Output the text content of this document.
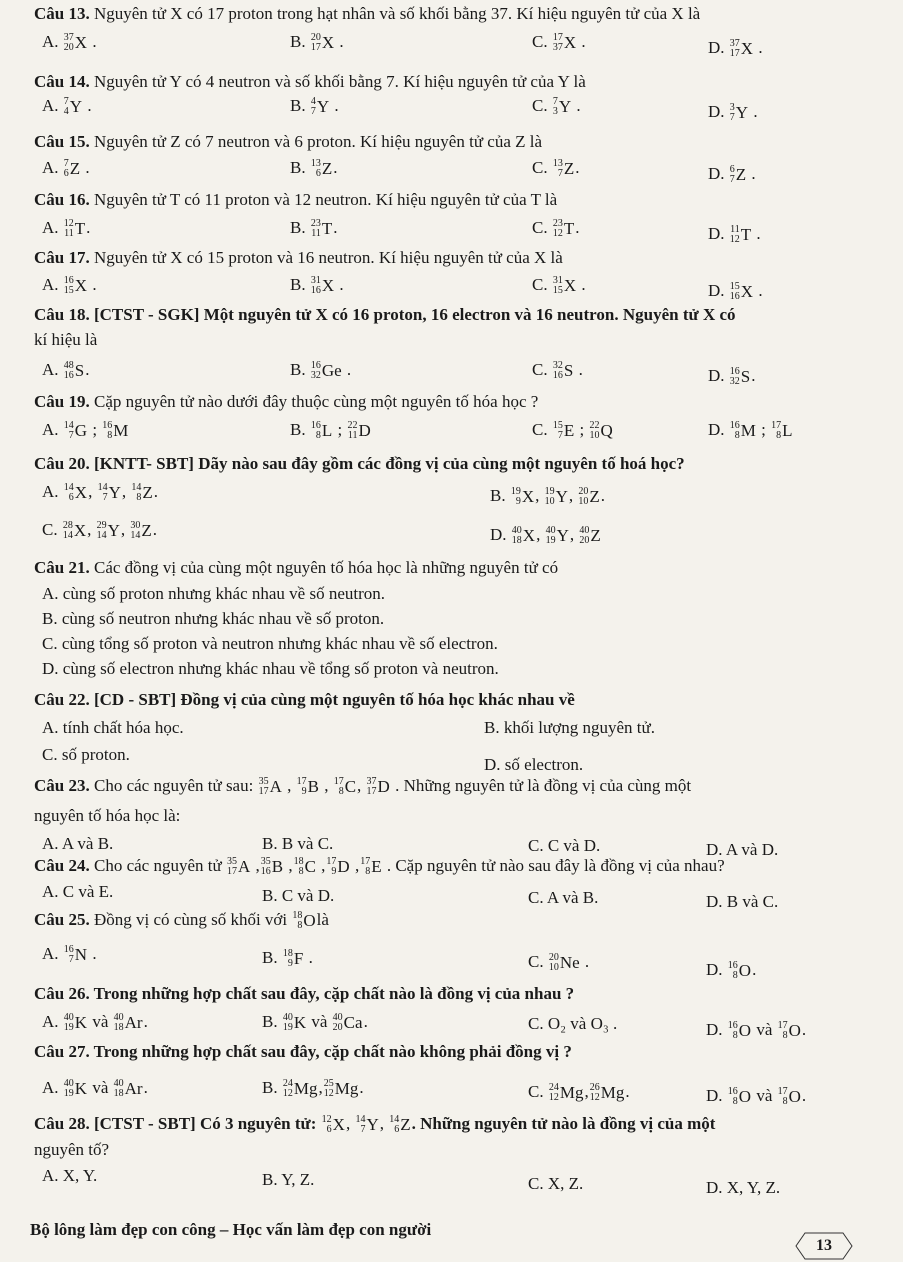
Câu 13. Nguyên tử X có 17 proton trong hạt nhân và số khối bằng 37. Kí hiệu nguyên tử của X là
A. 37
20 X .	B. 20
17 X .	C. 17
37 X .	D. 37
17 X .
Câu 14. Nguyên tử Y có 4 neutron và số khối bằng 7. Kí hiệu nguyên tử của Y là
A. 7
4 Y .	B. 4
7 Y .	C. 7
3 Y .	D. 3
7 Y .
Câu 15. Nguyên tử Z có 7 neutron và 6 proton. Kí hiệu nguyên tử của Z là
A. 7
6 Z .	B. 13
6 Z .	C. 13
7 Z .	D. 6
7 Z .
Câu 16. Nguyên tử T có 11 proton và 12 neutron. Kí hiệu nguyên tử của T là
A. 12
11 T .	B. 23
11 T .	C. 23
12 T .	D. 11
12 T .
Câu 17. Nguyên tử X có 15 proton và 16 neutron. Kí hiệu nguyên tử của X là
A. 16
15 X .	B. 31
16 X .	C. 31
15 X .	D. 15
16 X .
Câu 18. [CTST - SGK] Một nguyên tử X có 16 proton, 16 electron và 16 neutron. Nguyên tử X có
kí hiệu là
A. 48
16 S .	B. 16
32 Ge .	C. 32
16 S .	D. 16
32 S .
Câu 19. Cặp nguyên tử nào dưới đây thuộc cùng một nguyên tố hóa học ?
A. 14
7 G ; 16
8 M	B. 16
8 L ; 22
11 D	C. 15
7 E ; 22
10 Q	D. 16
8 M ; 17
8 L
Câu 20. [KNTT- SBT] Dãy nào sau đây gồm các đồng vị của cùng một nguyên tố hoá học?
A. 14
6 X , 14
7 Y , 14
8 Z .	B. 19
9 X , 19
10 Y , 20
10 Z .
C. 28
14 X , 29
14 Y , 30
14 Z .	D. 40
18 X , 40
19 Y , 40
20 Z
Câu 21. Các đồng vị của cùng một nguyên tố hóa học là những nguyên tử có
A. cùng số proton nhưng khác nhau về số neutron.
B. cùng số neutron nhưng khác nhau về số proton.
C. cùng tổng số proton và neutron nhưng khác nhau về số electron.
D. cùng số electron nhưng khác nhau về tổng số proton và neutron.
Câu 22. [CD - SBT] Đồng vị của cùng một nguyên tố hóa học khác nhau về
A. tính chất hóa học.	B. khối lượng nguyên tử.
C. số proton.
D. số electron.
Câu 23. Cho các nguyên tử sau: 35
17 A , 17
9 B , 17
8 C , 37
17 D . Những nguyên tử là đồng vị của cùng một
nguyên tố hóa học là:
A. A và B.	B. B và C.	C. C và D.	D. A và D.
Câu 24. Cho các nguyên tử 35
17 A , 35
16 B , 18
8 C , 17
9 D , 17
8 E . Cặp nguyên tử nào sau đây là đồng vị của nhau?
A. C và E.	B. C và D.	C. A và B.	D. B và C.
Câu 25. Đồng vị có cùng số khối với 18
8 O là
A. 16
7 N .	B. 18
9 F .	C. 20
10 Ne .	D. 16
8 O .
Câu 26. Trong những hợp chất sau đây, cặp chất nào là đồng vị của nhau ?
A. 40
19 K và 40
18 Ar .	B. 40
19 K và 40
20 Ca .	C. O₂ và O₃ .	D. 16
8 O và 17
8 O .
Câu 27. Trong những hợp chất sau đây, cặp chất nào không phải đồng vị ?
A. 40
19 K và 40
18 Ar .	B. 24
12 Mg , 25
12 Mg .	C. 24
12 Mg , 26
12 Mg .	D. 16
8 O và 17
8 O .
Câu 28. [CTST - SBT] Có 3 nguyên tử: 12
6 X , 14
7 Y , 14
6 Z . Những nguyên tử nào là đồng vị của một
nguyên tố?
A. X, Y.	B. Y, Z.	C. X, Z.	D. X, Y, Z.
Bộ lông làm đẹp con công – Học vấn làm đẹp con người
13
